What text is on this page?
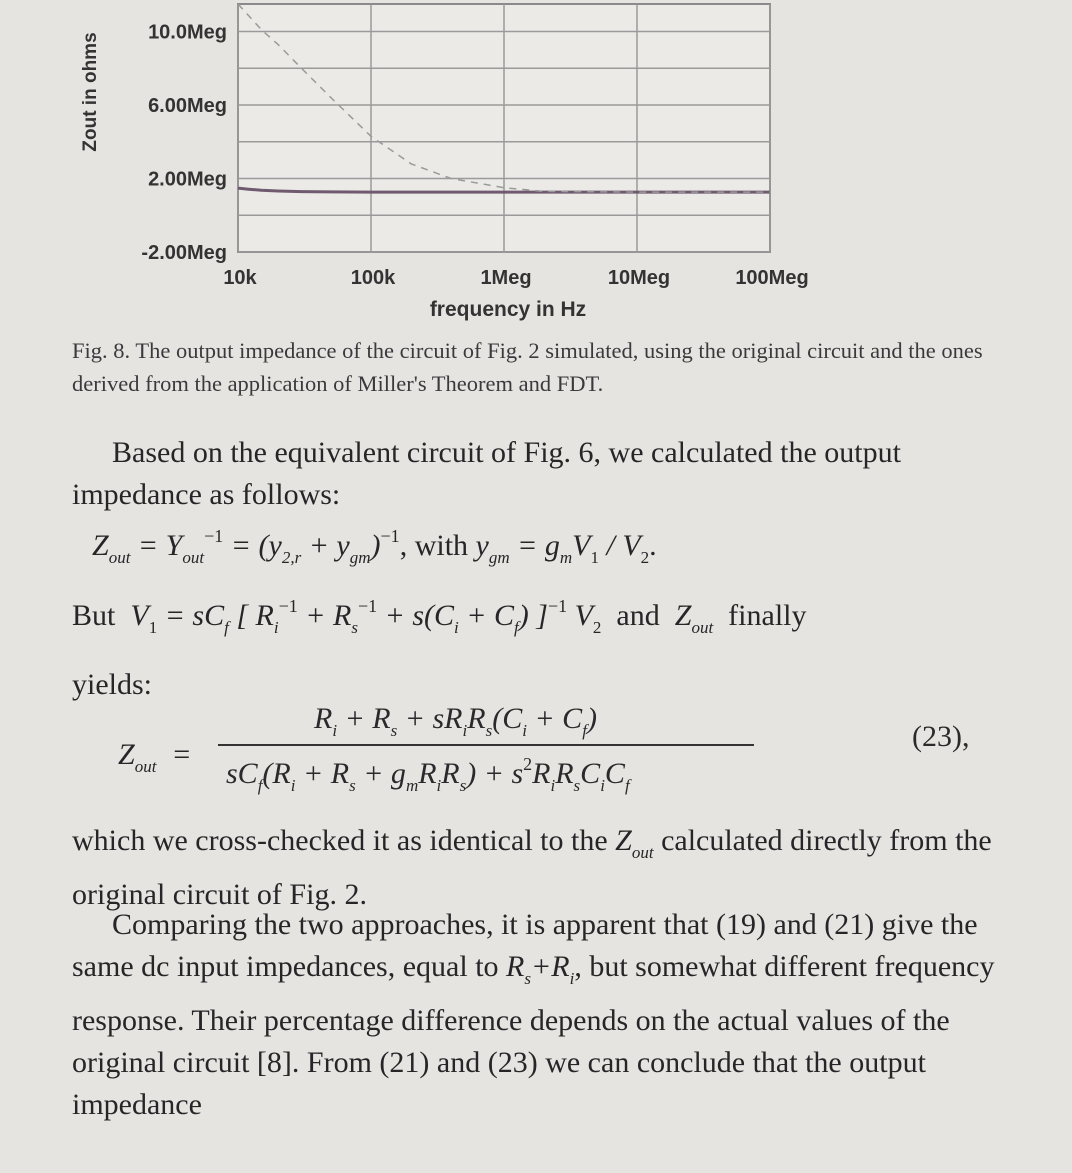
10.0Meg
6.00Meg
2.00Meg
-2.00Meg
10k	100k	1Meg	10Meg	100Meg
Zout in ohms
frequency in Hz
Fig. 8. The output impedance of the circuit of Fig. 2 simulated, using the original circuit and the ones derived from the application of Miller's Theorem and FDT.
Based on the equivalent circuit of Fig. 6, we calculated the output impedance as follows:
$Z_{out} = Y_{out}^{-1} = (y_{2,r} + y_{gm})^{-1}$, with $y_{gm} = g_mV_1 / V_2$.
But  $V_1 = sC_f$ [ $R_i^{-1} + R_s^{-1} + s(C_i + C_f)$ ]$^{-1}$ $V_2$ and  $Z_{out}$ finally
yields:
$Z_{out}$  =
$R_i + R_s + sR_iR_s(C_i + C_f)$
$sC_f(R_i + R_s + g_mR_iR_s) + s^2R_iR_sC_iC_f$
(23),
which we cross-checked it as identical to the $Z_{out}$ calculated directly from the original circuit of Fig. 2.
Comparing the two approaches, it is apparent that (19) and (21) give the same dc input impedances, equal to $R_s+R_i$, but somewhat different frequency response. Their percentage difference depends on the actual values of the original circuit [8]. From (21) and (23) we can conclude that the output impedance
